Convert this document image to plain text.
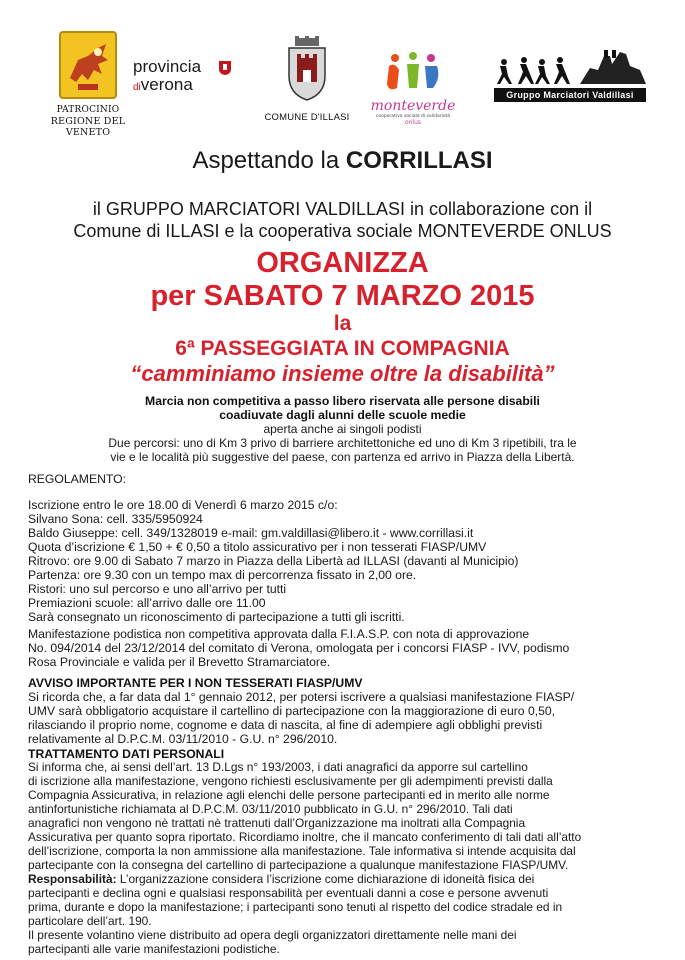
PATROCINIO
REGIONE DEL VENETO
provincia
diverona
COMUNE D'ILLASI
monteverde
cooperativa sociale di solidarietà onlus
Gruppo Marciatori Valdillasi
Aspettando la CORRILLASI
il GRUPPO MARCIATORI VALDILLASI in collaborazione con il
Comune di ILLASI e la cooperativa sociale MONTEVERDE ONLUS
ORGANIZZA
per SABATO 7 MARZO 2015
la
6ª PASSEGGIATA IN COMPAGNIA
“camminiamo insieme oltre la disabilità”
Marcia non competitiva a passo libero riservata alle persone disabili
coadiuvate dagli alunni delle scuole medie
aperta anche ai singoli podisti
Due percorsi: uno di Km 3 privo di barriere architettoniche ed uno di Km 3 ripetibili, tra le
vie e le località più suggestive del paese, con partenza ed arrivo in Piazza della Libertà.
REGOLAMENTO:

Iscrizione entro le ore 18.00 di Venerdì 6 marzo 2015 c/o:

Silvano Sona: cell. 335/5950924

Baldo Giuseppe: cell. 349/1328019 e-mail: gm.valdillasi@libero.it - www.corrillasi.it

Quota d’iscrizione € 1,50 + € 0,50 a titolo assicurativo per i non tesserati FIASP/UMV

Ritrovo: ore 9.00 di Sabato 7 marzo in Piazza della Libertà ad ILLASI (davanti al Municipio)

Partenza: ore 9.30 con un tempo max di percorrenza fissato in 2,00 ore.

Ristori: uno sul percorso e uno all’arrivo per tutti

Premiazioni scuole: all’arrivo dalle ore 11.00

Sarà consegnato un riconoscimento di partecipazione a tutti gli iscritti.

Manifestazione podistica non competitiva approvata dalla F.I.A.S.P. con nota di approvazione

No. 094/2014 del 23/12/2014 del comitato di Verona, omologata per i concorsi FIASP - IVV, podismo

Rosa Provinciale e valida per il Brevetto Stramarciatore.

AVVISO IMPORTANTE PER I NON TESSERATI FIASP/UMV

Si ricorda che, a far data dal 1° gennaio 2012, per potersi iscrivere a qualsiasi manifestazione FIASP/

UMV sarà obbligatorio acquistare il cartellino di partecipazione con la maggiorazione di euro 0,50,

rilasciando il proprio nome, cognome e data di nascita, al fine di adempiere agli obblighi previsti

relativamente al D.P.C.M. 03/11/2010 - G.U. n° 296/2010.

TRATTAMENTO DATI PERSONALI

Si informa che, ai sensi dell’art. 13 D.Lgs n° 193/2003, i dati anagrafici da apporre sul cartellino

di iscrizione alla manifestazione, vengono richiesti esclusivamente per gli adempimenti previsti dalla

Compagnia Assicurativa, in relazione agli elenchi delle persone partecipanti ed in merito alle norme

antinfortunistiche richiamata al D.P.C.M. 03/11/2010 pubblicato in G.U. n° 296/2010. Tali dati

anagrafici non vengono nè trattati nè trattenuti dall’Organizzazione ma inoltrati alla Compagnia

Assicurativa per quanto sopra riportato. Ricordiamo inoltre, che il mancato conferimento di tali dati all’atto

dell’iscrizione, comporta la non ammissione alla manifestazione. Tale informativa si intende acquisita dal

partecipante con la consegna del cartellino di partecipazione a qualunque manifestazione FIASP/UMV.

Responsabilità: L’organizzazione considera l’iscrizione come dichiarazione di idoneità fisica dei

partecipanti e declina ogni e qualsiasi responsabilità per eventuali danni a cose e persone avvenuti

prima, durante e dopo la manifestazione; i partecipanti sono tenuti al rispetto del codice stradale ed in

particolare dell’art. 190.

Il presente volantino viene distribuito ad opera degli organizzatori direttamente nelle mani dei

partecipanti alle varie manifestazioni podistiche.
